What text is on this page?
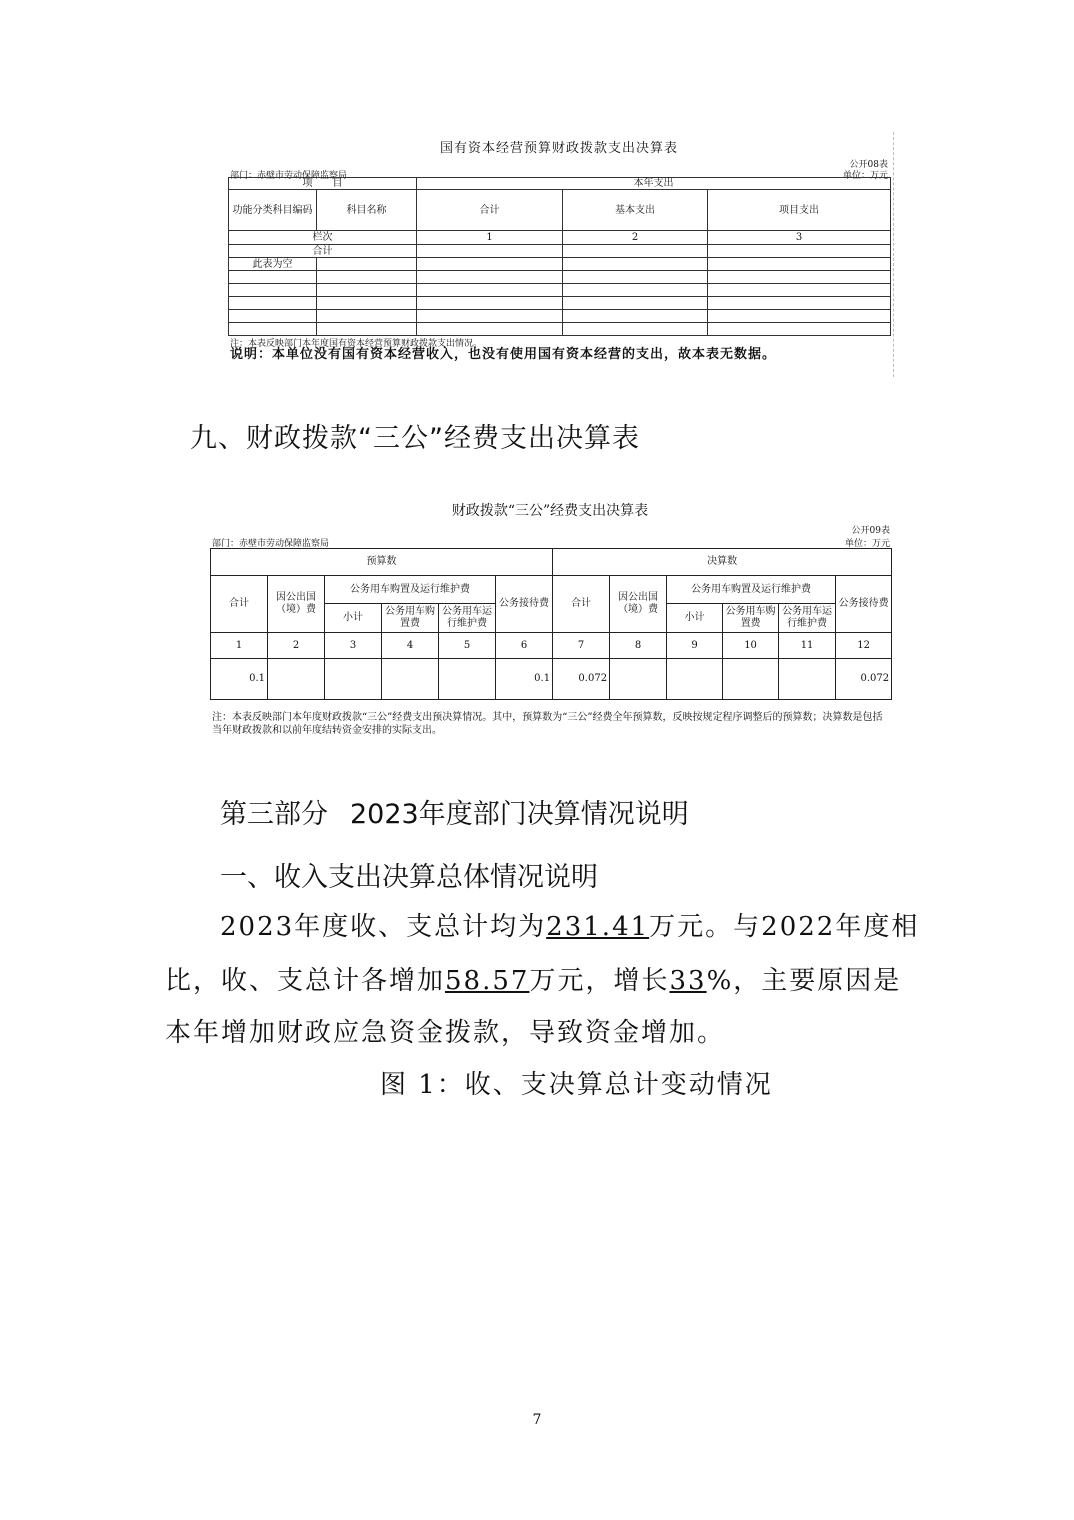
国有资本经营预算财政拨款支出决算表
公开08表
部门：赤壁市劳动保障监察局	单位：万元
项　　目		本年支出		
功能分类科目编码	科目名称	合计	基本支出	项目支出
栏次		1	2	3
合计				
此表为空				

注：本表反映部门本年度国有资本经营预算财政拨款支出情况。
说明：本单位没有国有资本经营收入，也没有使用国有资本经营的支出，故本表无数据。
九、财政拨款“三公”经费支出决算表
财政拨款“三公”经费支出决算表
公开09表
部门：赤壁市劳动保障监察局	单位：万元
预算数						决算数					
合计	因公出国（境）费	公务用车购置及运行维护费			公务接待费	合计	因公出国（境）费	公务用车购置及运行维护费			公务接待费
		小计	公务用车购置费	公务用车运行维护费				小计	公务用车购置费	公务用车运行维护费	
1	2	3	4	5	6	7	8	9	10	11	12
0.1					0.1	0.072					0.072
注：本表反映部门本年度财政拨款“三公”经费支出预决算情况。其中，预算数为“三公”经费全年预算数，反映按规定程序调整后的预算数；决算数是包括当年财政拨款和以前年度结转资金安排的实际支出。
第三部分 2023年度部门决算情况说明
一、收入支出决算总体情况说明
2023年度收、支总计均为231.41万元。与2022年度相
比，收、支总计各增加58.57万元，增长33%，主要原因是
本年增加财政应急资金拨款，导致资金增加。
图 1：收、支决算总计变动情况
7
